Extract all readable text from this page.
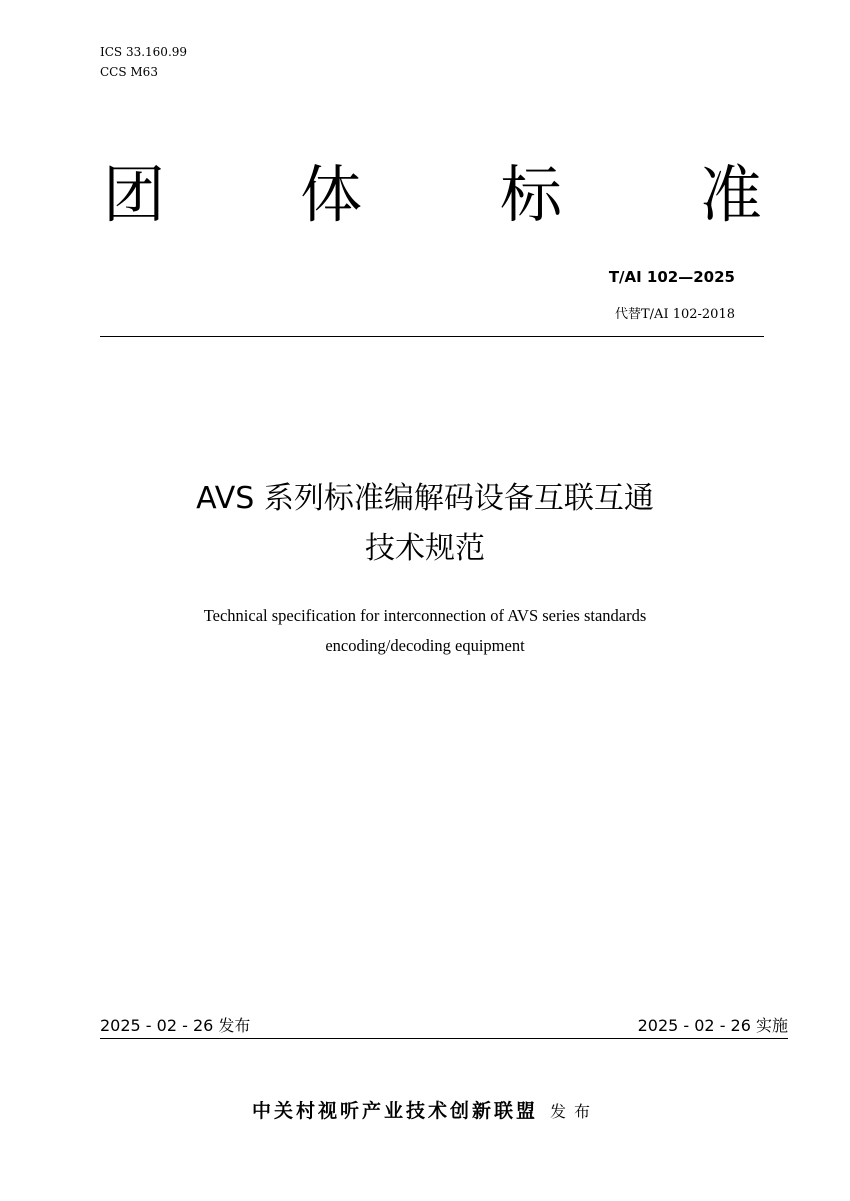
ICS 33.160.99
CCS M63
团 体 标 准
T/AI 102—2025
代替T/AI 102-2018
AVS 系列标准编解码设备互联互通
技术规范
Technical specification for interconnection of AVS series standards
encoding/decoding equipment
2025 - 02 - 26 发布	2025 - 02 - 26 实施
中关村视听产业技术创新联盟 发布
